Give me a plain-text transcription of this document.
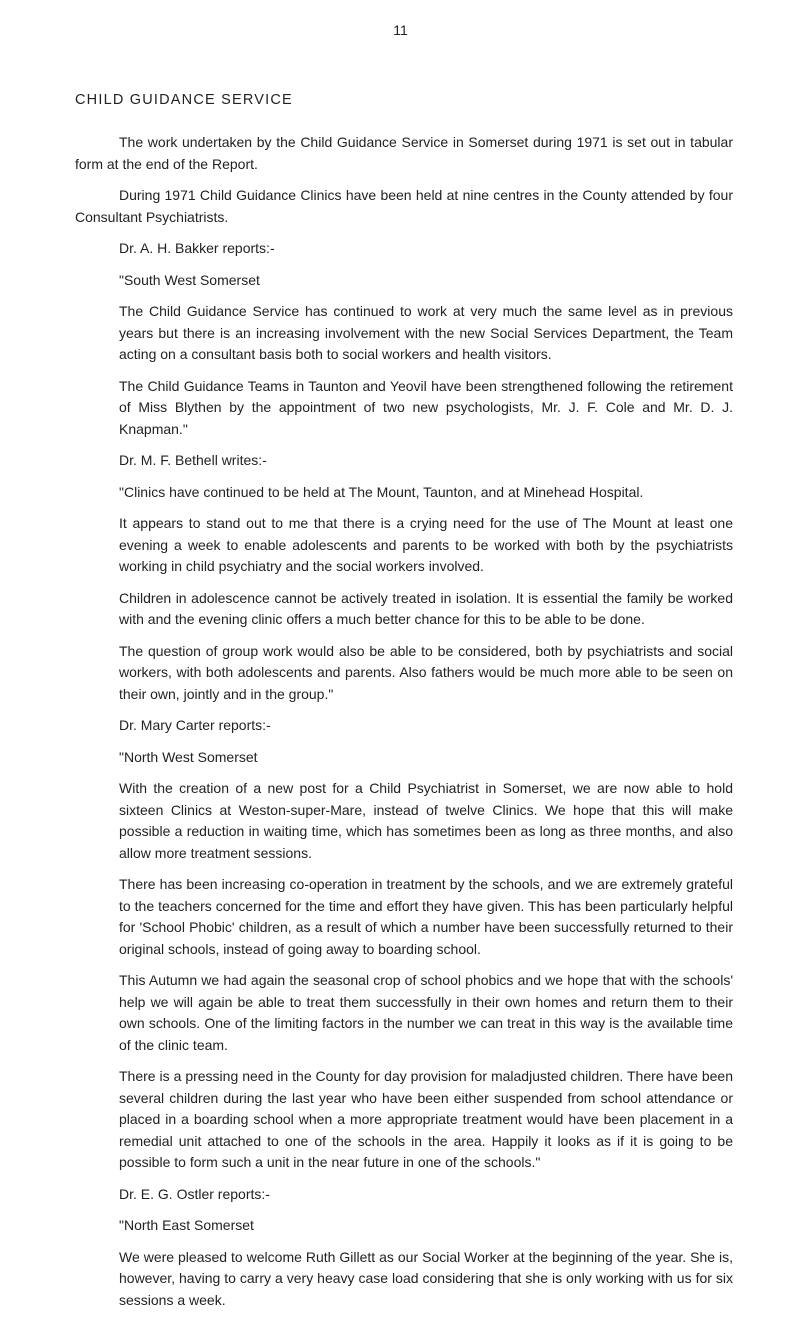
11
CHILD GUIDANCE SERVICE

The work undertaken by the Child Guidance Service in Somerset during 1971 is set out in tabular form at the end of the Report.

During 1971 Child Guidance Clinics have been held at nine centres in the County attended by four Consultant Psychiatrists.

Dr. A. H. Bakker reports:-

"South West Somerset

The Child Guidance Service has continued to work at very much the same level as in previous years but there is an increasing involvement with the new Social Services Department, the Team acting on a consultant basis both to social workers and health visitors.

The Child Guidance Teams in Taunton and Yeovil have been strengthened following the retirement of Miss Blythen by the appointment of two new psychologists, Mr. J. F. Cole and Mr. D. J. Knapman."

Dr. M. F. Bethell writes:-

"Clinics have continued to be held at The Mount, Taunton, and at Minehead Hospital.

It appears to stand out to me that there is a crying need for the use of The Mount at least one evening a week to enable adolescents and parents to be worked with both by the psychiatrists working in child psychiatry and the social workers involved.

Children in adolescence cannot be actively treated in isolation. It is essential the family be worked with and the evening clinic offers a much better chance for this to be able to be done.

The question of group work would also be able to be considered, both by psychiatrists and social workers, with both adolescents and parents. Also fathers would be much more able to be seen on their own, jointly and in the group."

Dr. Mary Carter reports:-

"North West Somerset

With the creation of a new post for a Child Psychiatrist in Somerset, we are now able to hold sixteen Clinics at Weston-super-Mare, instead of twelve Clinics. We hope that this will make possible a reduction in waiting time, which has sometimes been as long as three months, and also allow more treatment sessions.

There has been increasing co-operation in treatment by the schools, and we are extremely grateful to the teachers concerned for the time and effort they have given. This has been particularly helpful for 'School Phobic' children, as a result of which a number have been successfully returned to their original schools, instead of going away to boarding school.

This Autumn we had again the seasonal crop of school phobics and we hope that with the schools' help we will again be able to treat them successfully in their own homes and return them to their own schools. One of the limiting factors in the number we can treat in this way is the available time of the clinic team.

There is a pressing need in the County for day provision for maladjusted children. There have been several children during the last year who have been either suspended from school attendance or placed in a boarding school when a more appropriate treatment would have been placement in a remedial unit attached to one of the schools in the area. Happily it looks as if it is going to be possible to form such a unit in the near future in one of the schools."

Dr. E. G. Ostler reports:-

"North East Somerset

We were pleased to welcome Ruth Gillett as our Social Worker at the beginning of the year. She is, however, having to carry a very heavy case load considering that she is only working with us for six sessions a week.
